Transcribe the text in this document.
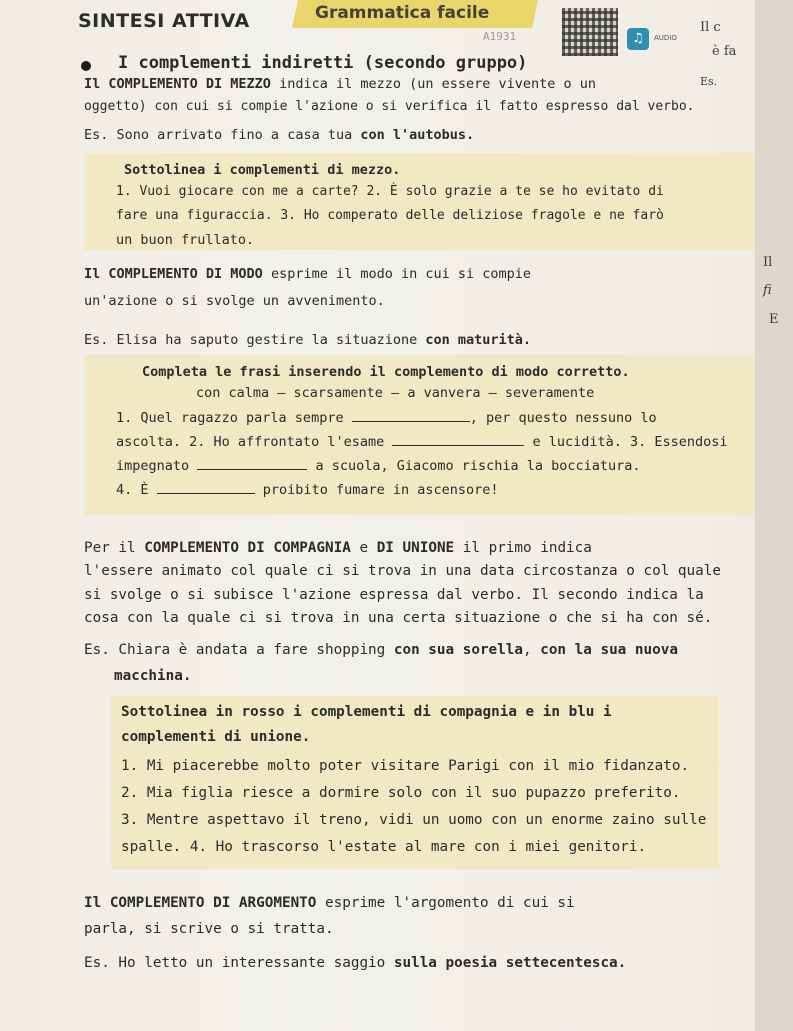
SINTESI ATTIVA	Grammatica facile
A1931	♫	AUDIO
Il c
è fa
Es.
I complementi indiretti (secondo gruppo)
Il COMPLEMENTO DI MEZZO indica il mezzo (un essere vivente o un
oggetto) con cui si compie l'azione o si verifica il fatto espresso dal verbo.
Es. Sono arrivato fino a casa tua con l'autobus.
Sottolinea i complementi di mezzo.
1. Vuoi giocare con me a carte? 2. È solo grazie a te se ho evitato di
fare una figuraccia. 3. Ho comperato delle deliziose fragole e ne farò
un buon frullato.
Il COMPLEMENTO DI MODO esprime il modo in cui si compie
un'azione o si svolge un avvenimento.
Es. Elisa ha saputo gestire la situazione con maturità.
Completa le frasi inserendo il complemento di modo corretto.
con calma – scarsamente – a vanvera – severamente
1. Quel ragazzo parla sempre	, per questo nessuno lo
ascolta. 2. Ho affrontato l'esame	e lucidità. 3. Essendosi
impegnato	a scuola, Giacomo rischia la bocciatura.
4. È	proibito fumare in ascensore!
Per il COMPLEMENTO DI COMPAGNIA e DI UNIONE il primo indica
l'essere animato col quale ci si trova in una data circostanza o col quale
si svolge o si subisce l'azione espressa dal verbo. Il secondo indica la
cosa con la quale ci si trova in una certa situazione o che si ha con sé.
Es. Chiara è andata a fare shopping con sua sorella, con la sua nuova
macchina.
Sottolinea in rosso i complementi di compagnia e in blu i
complementi di unione.
1. Mi piacerebbe molto poter visitare Parigi con il mio fidanzato.
2. Mia figlia riesce a dormire solo con il suo pupazzo preferito.
3. Mentre aspettavo il treno, vidi un uomo con un enorme zaino sulle
spalle. 4. Ho trascorso l'estate al mare con i miei genitori.
Il COMPLEMENTO DI ARGOMENTO esprime l'argomento di cui si
parla, si scrive o si tratta.
Es. Ho letto un interessante saggio sulla poesia settecentesca.
Il
fi
E
